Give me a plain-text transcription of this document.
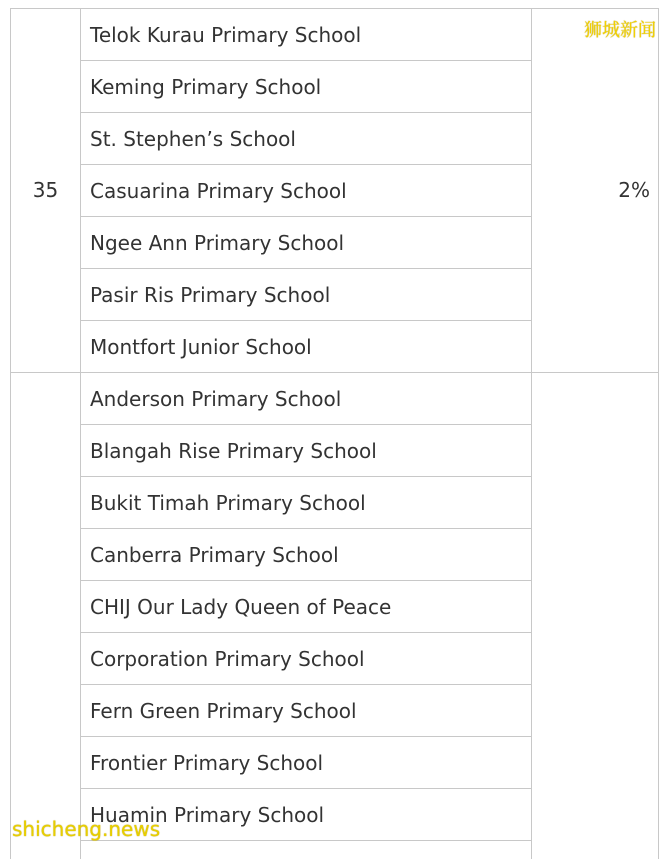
35	2%
Telok Kurau Primary School
Keming Primary School
St. Stephen’s School
Casuarina Primary School
Ngee Ann Primary School
Pasir Ris Primary School
Montfort Junior School
Anderson Primary School
Blangah Rise Primary School
Bukit Timah Primary School
Canberra Primary School
CHIJ Our Lady Queen of Peace
Corporation Primary School
Fern Green Primary School
Frontier Primary School
Huamin Primary School
狮城新闻
shicheng.news
